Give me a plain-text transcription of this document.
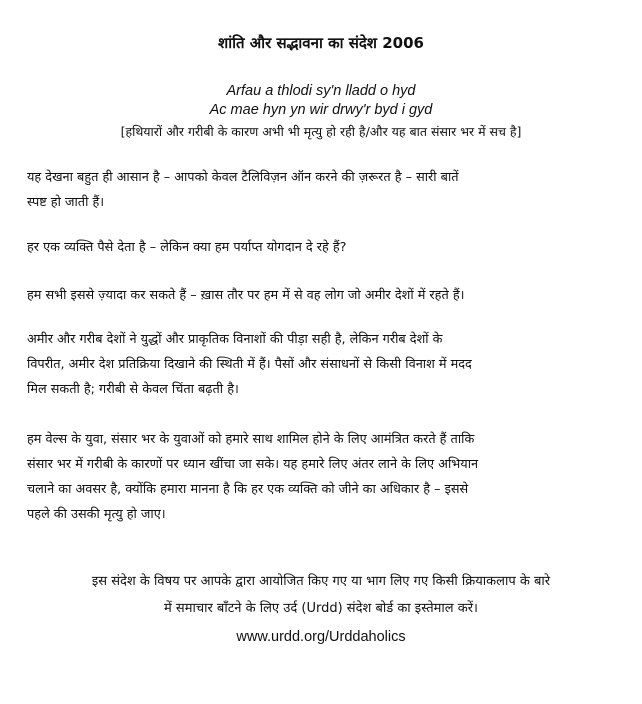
शांति और सद्भावना का संदेश 2006
Arfau a thlodi sy'n lladd o hyd
Ac mae hyn yn wir drwy'r byd i gyd
[हथियारों और गरीबी के कारण अभी भी मृत्यु हो रही है/और यह बात संसार भर में सच है]

यह देखना बहुत ही आसान है – आपको केवल टैलिविज़न ऑन करने की ज़रूरत है – सारी बातें
स्पष्ट हो जाती हैं।

हर एक व्यक्ति पैसे देता है – लेकिन क्या हम पर्याप्त योगदान दे रहे हैं?

हम सभी इससे ज़्यादा कर सकते हैं – ख़ास तौर पर हम में से वह लोग जो अमीर देशों में रहते हैं।

अमीर और गरीब देशों ने युद्धों और प्राकृतिक विनाशों की पीड़ा सही है, लेकिन गरीब देशों के
विपरीत, अमीर देश प्रतिक्रिया दिखाने की स्थिती में हैं। पैसों और संसाधनों से किसी विनाश में मदद
मिल सकती है; गरीबी से केवल चिंता बढ़ती है।

हम वेल्स के युवा, संसार भर के युवाओं को हमारे साथ शामिल होने के लिए आमंत्रित करते हैं ताकि
संसार भर में गरीबी के कारणों पर ध्यान खींचा जा सके। यह हमारे लिए अंतर लाने के लिए अभियान
चलाने का अवसर है, क्योंकि हमारा मानना है कि हर एक व्यक्ति को जीने का अधिकार है – इससे
पहले की उसकी मृत्यु हो जाए।

इस संदेश के विषय पर आपके द्वारा आयोजित किए गए या भाग लिए गए किसी क्रियाकलाप के बारे
में समाचार बाँटने के लिए उर्द (Urdd) संदेश बोर्ड का इस्तेमाल करें।
www.urdd.org/Urddaholics
